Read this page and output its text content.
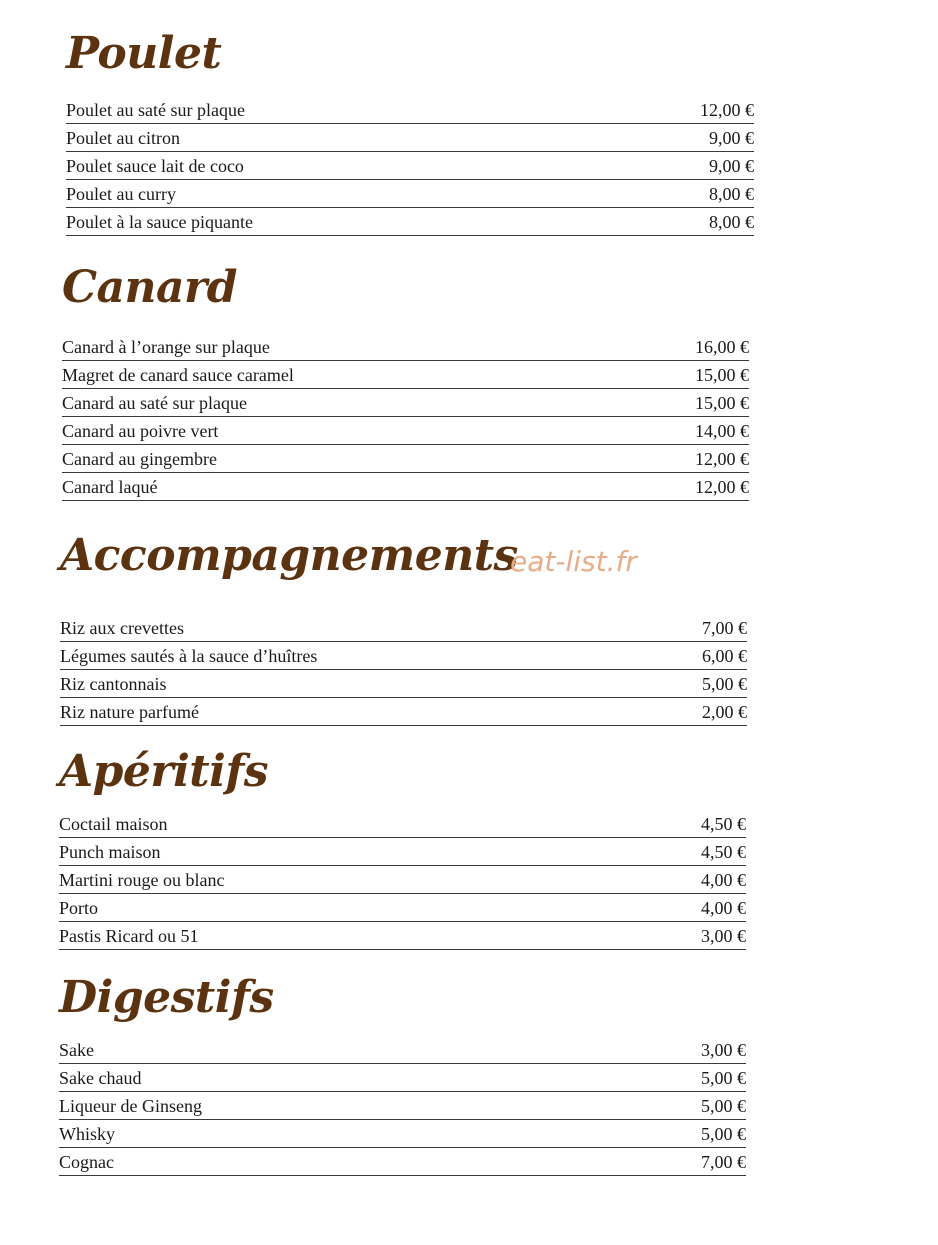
Poulet
Poulet au saté sur plaque	12,00 €
Poulet au citron	9,00 €
Poulet sauce lait de coco	9,00 €
Poulet au curry	8,00 €
Poulet à la sauce piquante	8,00 €
Canard
Canard à l’orange sur plaque	16,00 €
Magret de canard sauce caramel	15,00 €
Canard au saté sur plaque	15,00 €
Canard au poivre vert	14,00 €
Canard au gingembre	12,00 €
Canard laqué	12,00 €
Accompagnements
Riz aux crevettes	7,00 €
Légumes sautés à la sauce d’huîtres	6,00 €
Riz cantonnais	5,00 €
Riz nature parfumé	2,00 €
eat-list.fr
Apéritifs
Coctail maison	4,50 €
Punch maison	4,50 €
Martini rouge ou blanc	4,00 €
Porto	4,00 €
Pastis Ricard ou 51	3,00 €
Digestifs
Sake	3,00 €
Sake chaud	5,00 €
Liqueur de Ginseng	5,00 €
Whisky	5,00 €
Cognac	7,00 €
